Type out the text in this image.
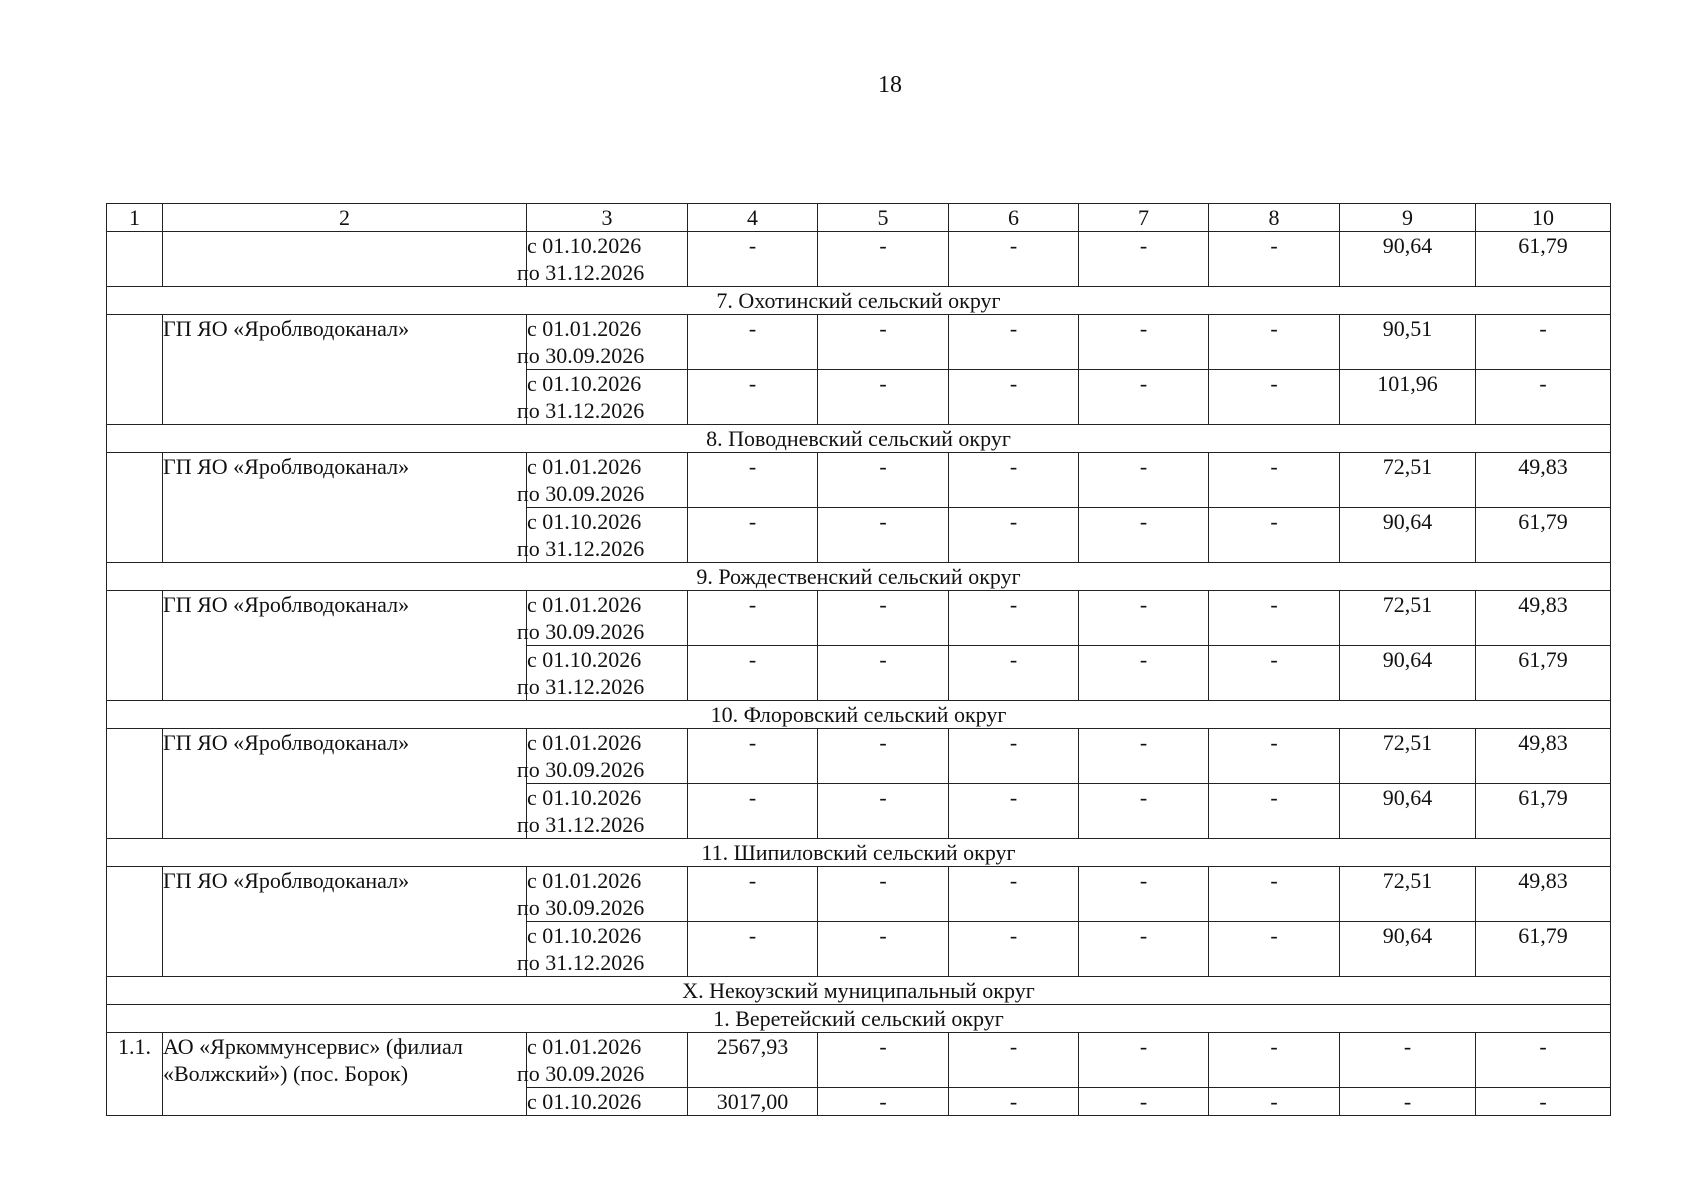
18
1	2	3	4	5	6	7	8	9	10

		с 01.10.2026
по 31.12.2026	-	-	-	-	-	90,64	61,79
7. Охотинский сельский округ									
	ГП ЯО «Яроблводоканал»	с 01.01.2026
по 30.09.2026	-	-	-	-	-	90,51	-

		с 01.10.2026
по 31.12.2026	-	-	-	-	-	101,96	-
8. Поводневский сельский округ									
	ГП ЯО «Яроблводоканал»	с 01.01.2026
по 30.09.2026	-	-	-	-	-	72,51	49,83

		с 01.10.2026
по 31.12.2026	-	-	-	-	-	90,64	61,79
9. Рождественский сельский округ									
	ГП ЯО «Яроблводоканал»	с 01.01.2026
по 30.09.2026	-	-	-	-	-	72,51	49,83

		с 01.10.2026
по 31.12.2026	-	-	-	-	-	90,64	61,79
10. Флоровский сельский округ									
	ГП ЯО «Яроблводоканал»	с 01.01.2026
по 30.09.2026	-	-	-	-	-	72,51	49,83

		с 01.10.2026
по 31.12.2026	-	-	-	-	-	90,64	61,79
11. Шипиловский сельский округ									
	ГП ЯО «Яроблводоканал»	с 01.01.2026
по 30.09.2026	-	-	-	-	-	72,51	49,83

		с 01.10.2026
по 31.12.2026	-	-	-	-	-	90,64	61,79
X. Некоузский муниципальный округ									
1. Веретейский сельский округ									
1.1.	АО «Яркоммунсервис» (филиал «Волжский») (пос. Борок)	с 01.01.2026
по 30.09.2026	2567,93	-	-	-	-	-	-

		с 01.10.2026	3017,00	-	-	-	-	-	-
